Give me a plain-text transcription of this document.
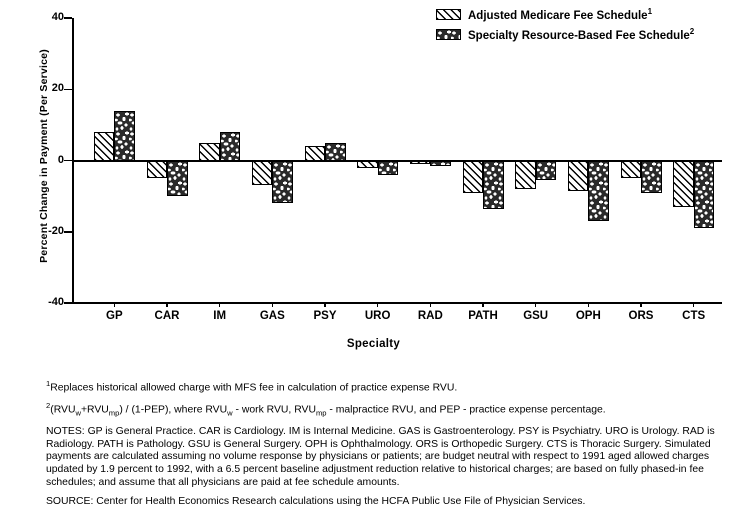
Percent Change in Payment (Per Service)
Adjusted Medicare Fee Schedule$^1$
Specialty Resource-Based Fee Schedule$^2$
40
20
0
-20
-40
GP	CAR	IM	GAS	PSY	URO	RAD	PATH	GSU	OPH	ORS	CTS
Specialty
$^1$Replaces historical allowed charge with MFS fee in calculation of practice expense RVU.
$^2(RVU_w+RVU_{mp}) / (1-PEP)$, where $RVU_w$ - work RVU, $RVU_{mp}$ - malpractice RVU, and PEP - practice expense percentage.
NOTES: GP is General Practice. CAR is Cardiology. IM is Internal Medicine. GAS is Gastroenterology. PSY is Psychiatry. URO is Urology. RAD is Radiology. PATH is Pathology. GSU is General Surgery. OPH is Ophthalmology. ORS is Orthopedic Surgery. CTS is Thoracic Surgery. Simulated payments are calculated assuming no volume response by physicians or patients; are budget neutral with respect to 1991 aged allowed charges updated by 1.9 percent to 1992, with a 6.5 percent baseline adjustment reduction relative to historical charges; are based on fully phased-in fee schedules; and assume that all physicians are paid at fee schedule amounts.
SOURCE: Center for Health Economics Research calculations using the HCFA Public Use File of Physician Services.
